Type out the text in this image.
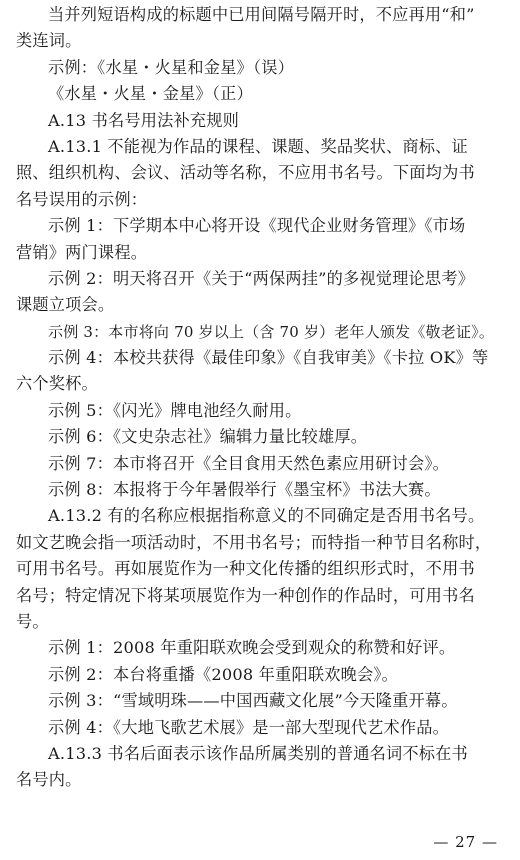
当并列短语构成的标题中已用间隔号隔开时，不应再用“和”
类连词。
示例：《水星・火星和金星》（误）
《水星・火星・金星》（正）
A.13 书名号用法补充规则
A.13.1 不能视为作品的课程、课题、奖品奖状、商标、证
照、组织机构、会议、活动等名称，不应用书名号。下面均为书
名号误用的示例：
示例 1：下学期本中心将开设《现代企业财务管理》《市场
营销》两门课程。
示例 2：明天将召开《关于“两保两挂”的多视觉理论思考》
课题立项会。
示例 3：本市将向 70 岁以上（含 70 岁）老年人颁发《敬老证》。
示例 4：本校共获得《最佳印象》《自我审美》《卡拉 OK》等
六个奖杯。
示例 5：《闪光》牌电池经久耐用。
示例 6：《文史杂志社》编辑力量比较雄厚。
示例 7：本市将召开《全目食用天然色素应用研讨会》。
示例 8：本报将于今年暑假举行《墨宝杯》书法大赛。
A.13.2 有的名称应根据指称意义的不同确定是否用书名号。
如文艺晚会指一项活动时，不用书名号；而特指一种节目名称时，
可用书名号。再如展览作为一种文化传播的组织形式时，不用书
名号；特定情况下将某项展览作为一种创作的作品时，可用书名
号。
示例 1：2008 年重阳联欢晚会受到观众的称赞和好评。
示例 2：本台将重播《2008 年重阳联欢晚会》。
示例 3：“雪域明珠——中国西藏文化展”今天隆重开幕。
示例 4：《大地飞歌艺术展》是一部大型现代艺术作品。
A.13.3 书名后面表示该作品所属类别的普通名词不标在书
名号内。
— 27 —
